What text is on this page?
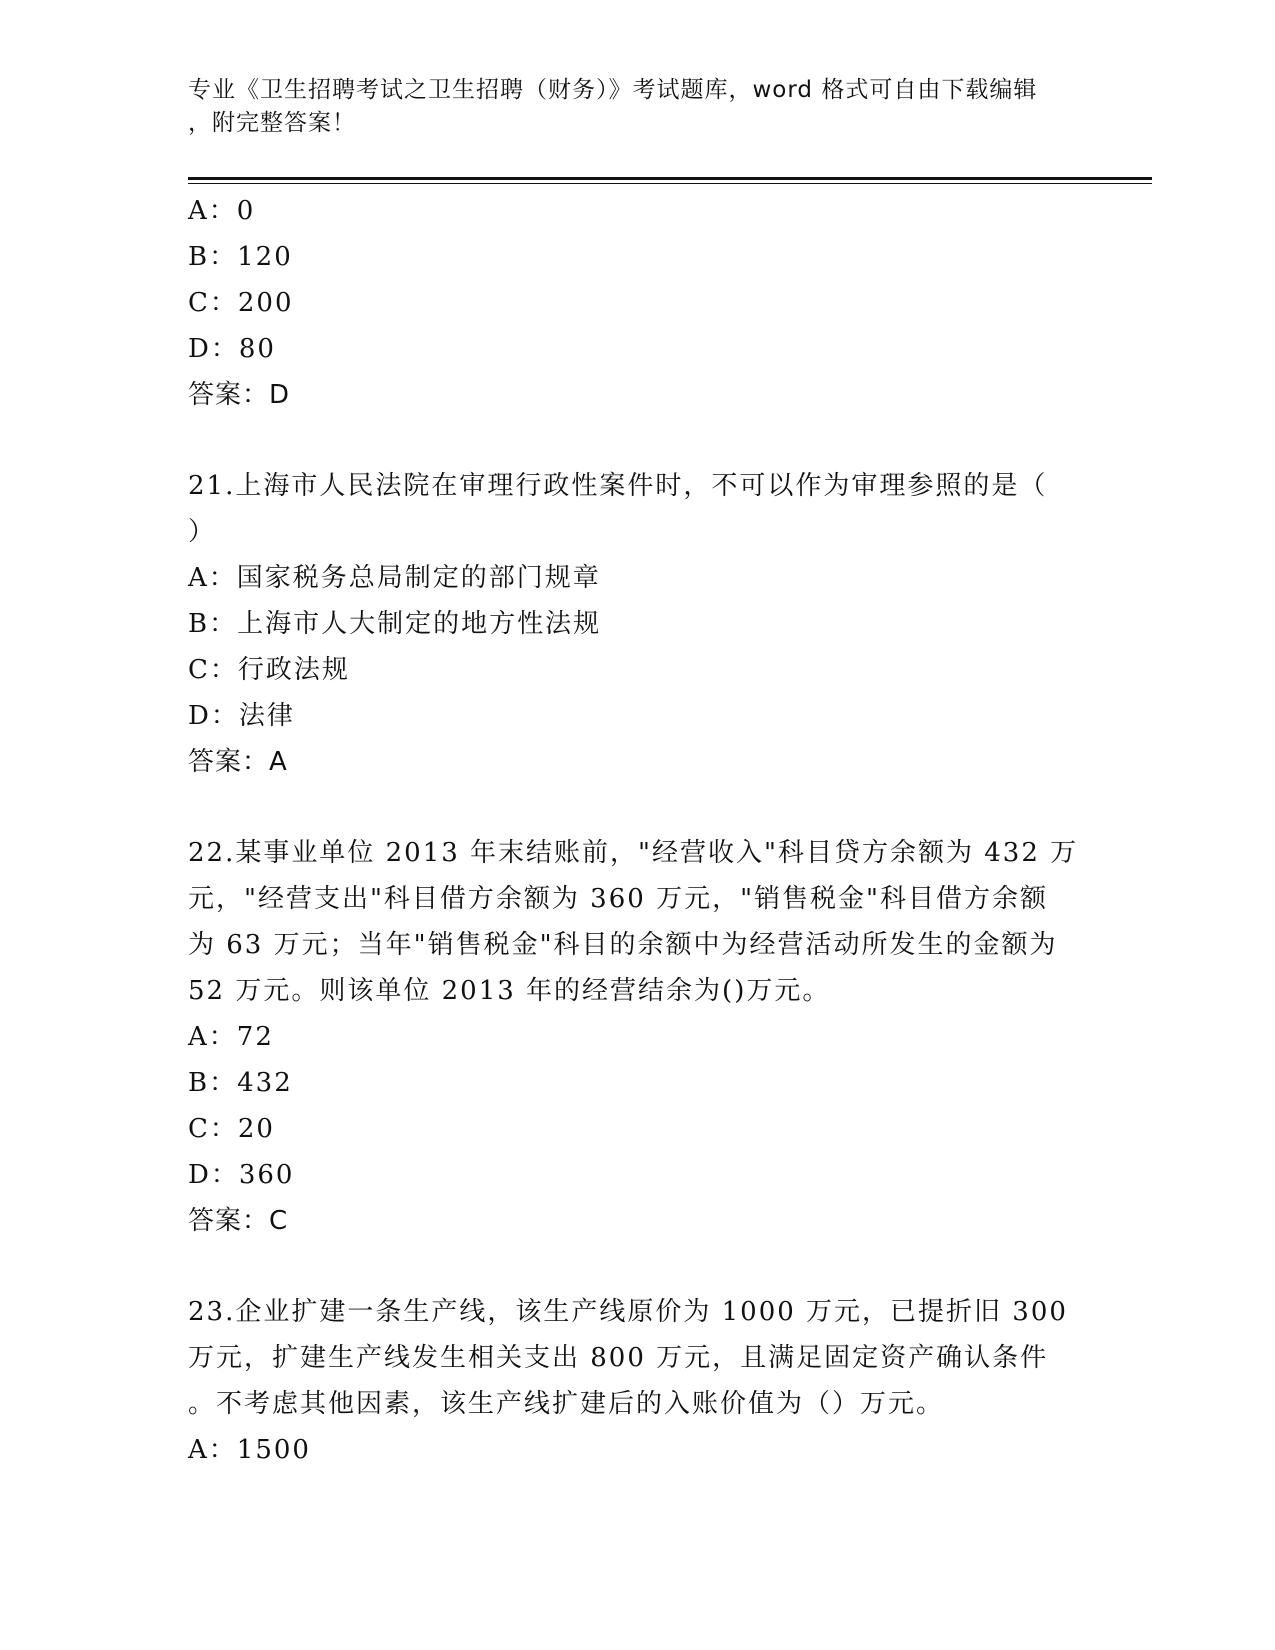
专业《卫生招聘考试之卫生招聘（财务）》考试题库，word 格式可自由下载编辑
，附完整答案！
A：0
B：120
C：200
D：80
答案：D
21.上海市人民法院在审理行政性案件时，不可以作为审理参照的是（
）
A：国家税务总局制定的部门规章
B：上海市人大制定的地方性法规
C：行政法规
D：法律
答案：A
22.某事业单位 2013 年末结账前，"经营收入"科目贷方余额为 432 万
元，"经营支出"科目借方余额为 360 万元，"销售税金"科目借方余额
为 63 万元；当年"销售税金"科目的余额中为经营活动所发生的金额为
52 万元。则该单位 2013 年的经营结余为()万元。
A：72
B：432
C：20
D：360
答案：C
23.企业扩建一条生产线，该生产线原价为 1000 万元，已提折旧 300
万元，扩建生产线发生相关支出 800 万元，且满足固定资产确认条件
。不考虑其他因素，该生产线扩建后的入账价值为（）万元。
A：1500
